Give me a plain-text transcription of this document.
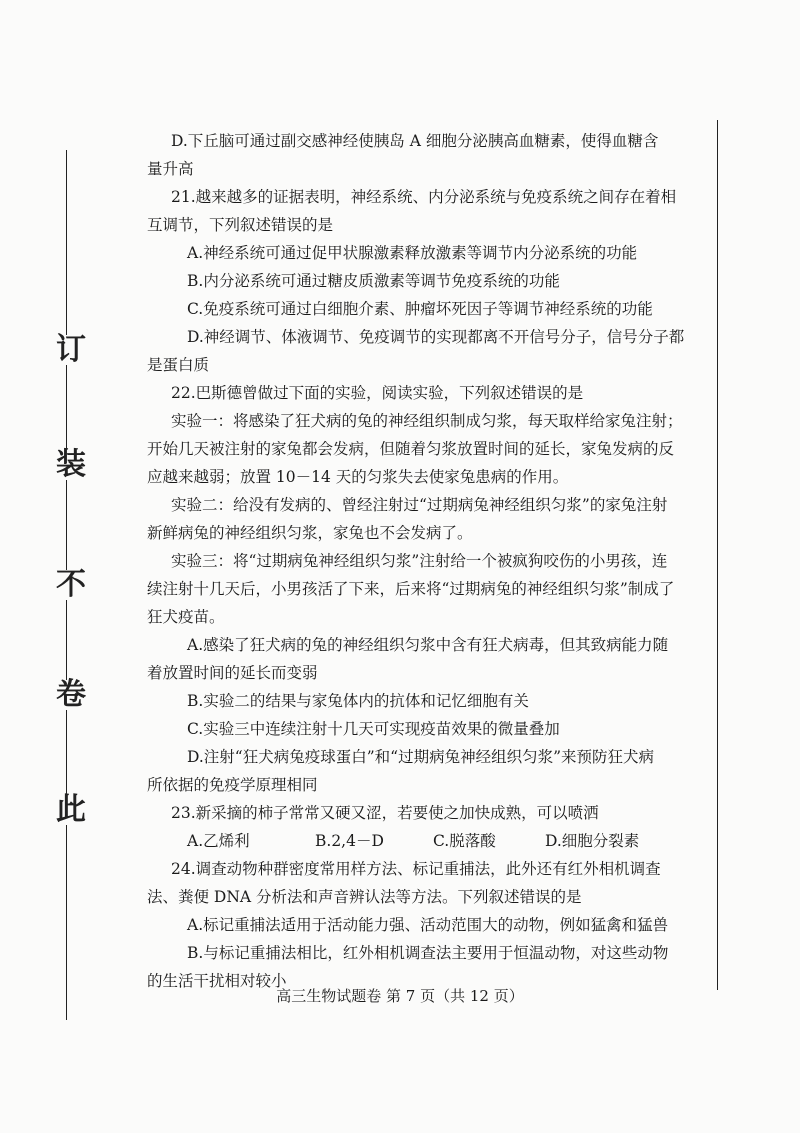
订
装
不
卷
此
D.下丘脑可通过副交感神经使胰岛 A 细胞分泌胰高血糖素，使得血糖含
量升高
21.越来越多的证据表明，神经系统、内分泌系统与免疫系统之间存在着相
互调节，下列叙述错误的是
A.神经系统可通过促甲状腺激素释放激素等调节内分泌系统的功能
B.内分泌系统可通过糖皮质激素等调节免疫系统的功能
C.免疫系统可通过白细胞介素、肿瘤坏死因子等调节神经系统的功能
D.神经调节、体液调节、免疫调节的实现都离不开信号分子，信号分子都
是蛋白质
22.巴斯德曾做过下面的实验，阅读实验，下列叙述错误的是
实验一：将感染了狂犬病的兔的神经组织制成匀浆，每天取样给家兔注射；
开始几天被注射的家兔都会发病，但随着匀浆放置时间的延长，家兔发病的反
应越来越弱；放置 10－14 天的匀浆失去使家兔患病的作用。
实验二：给没有发病的、曾经注射过“过期病兔神经组织匀浆”的家兔注射
新鲜病兔的神经组织匀浆，家兔也不会发病了。
实验三：将“过期病兔神经组织匀浆”注射给一个被疯狗咬伤的小男孩，连
续注射十几天后，小男孩活了下来，后来将“过期病兔的神经组织匀浆”制成了
狂犬疫苗。
A.感染了狂犬病的兔的神经组织匀浆中含有狂犬病毒，但其致病能力随
着放置时间的延长而变弱
B.实验二的结果与家兔体内的抗体和记忆细胞有关
C.实验三中连续注射十几天可实现疫苗效果的微量叠加
D.注射“狂犬病兔疫球蛋白”和“过期病兔神经组织匀浆”来预防狂犬病
所依据的免疫学原理相同
23.新采摘的柿子常常又硬又涩，若要使之加快成熟，可以喷洒
A.乙烯利	B.2,4－D	C.脱落酸	D.细胞分裂素
24.调查动物种群密度常用样方法、标记重捕法，此外还有红外相机调查
法、粪便 DNA 分析法和声音辨认法等方法。下列叙述错误的是
A.标记重捕法适用于活动能力强、活动范围大的动物，例如猛禽和猛兽
B.与标记重捕法相比，红外相机调查法主要用于恒温动物，对这些动物
的生活干扰相对较小
高三生物试题卷 第 7 页（共 12 页）
